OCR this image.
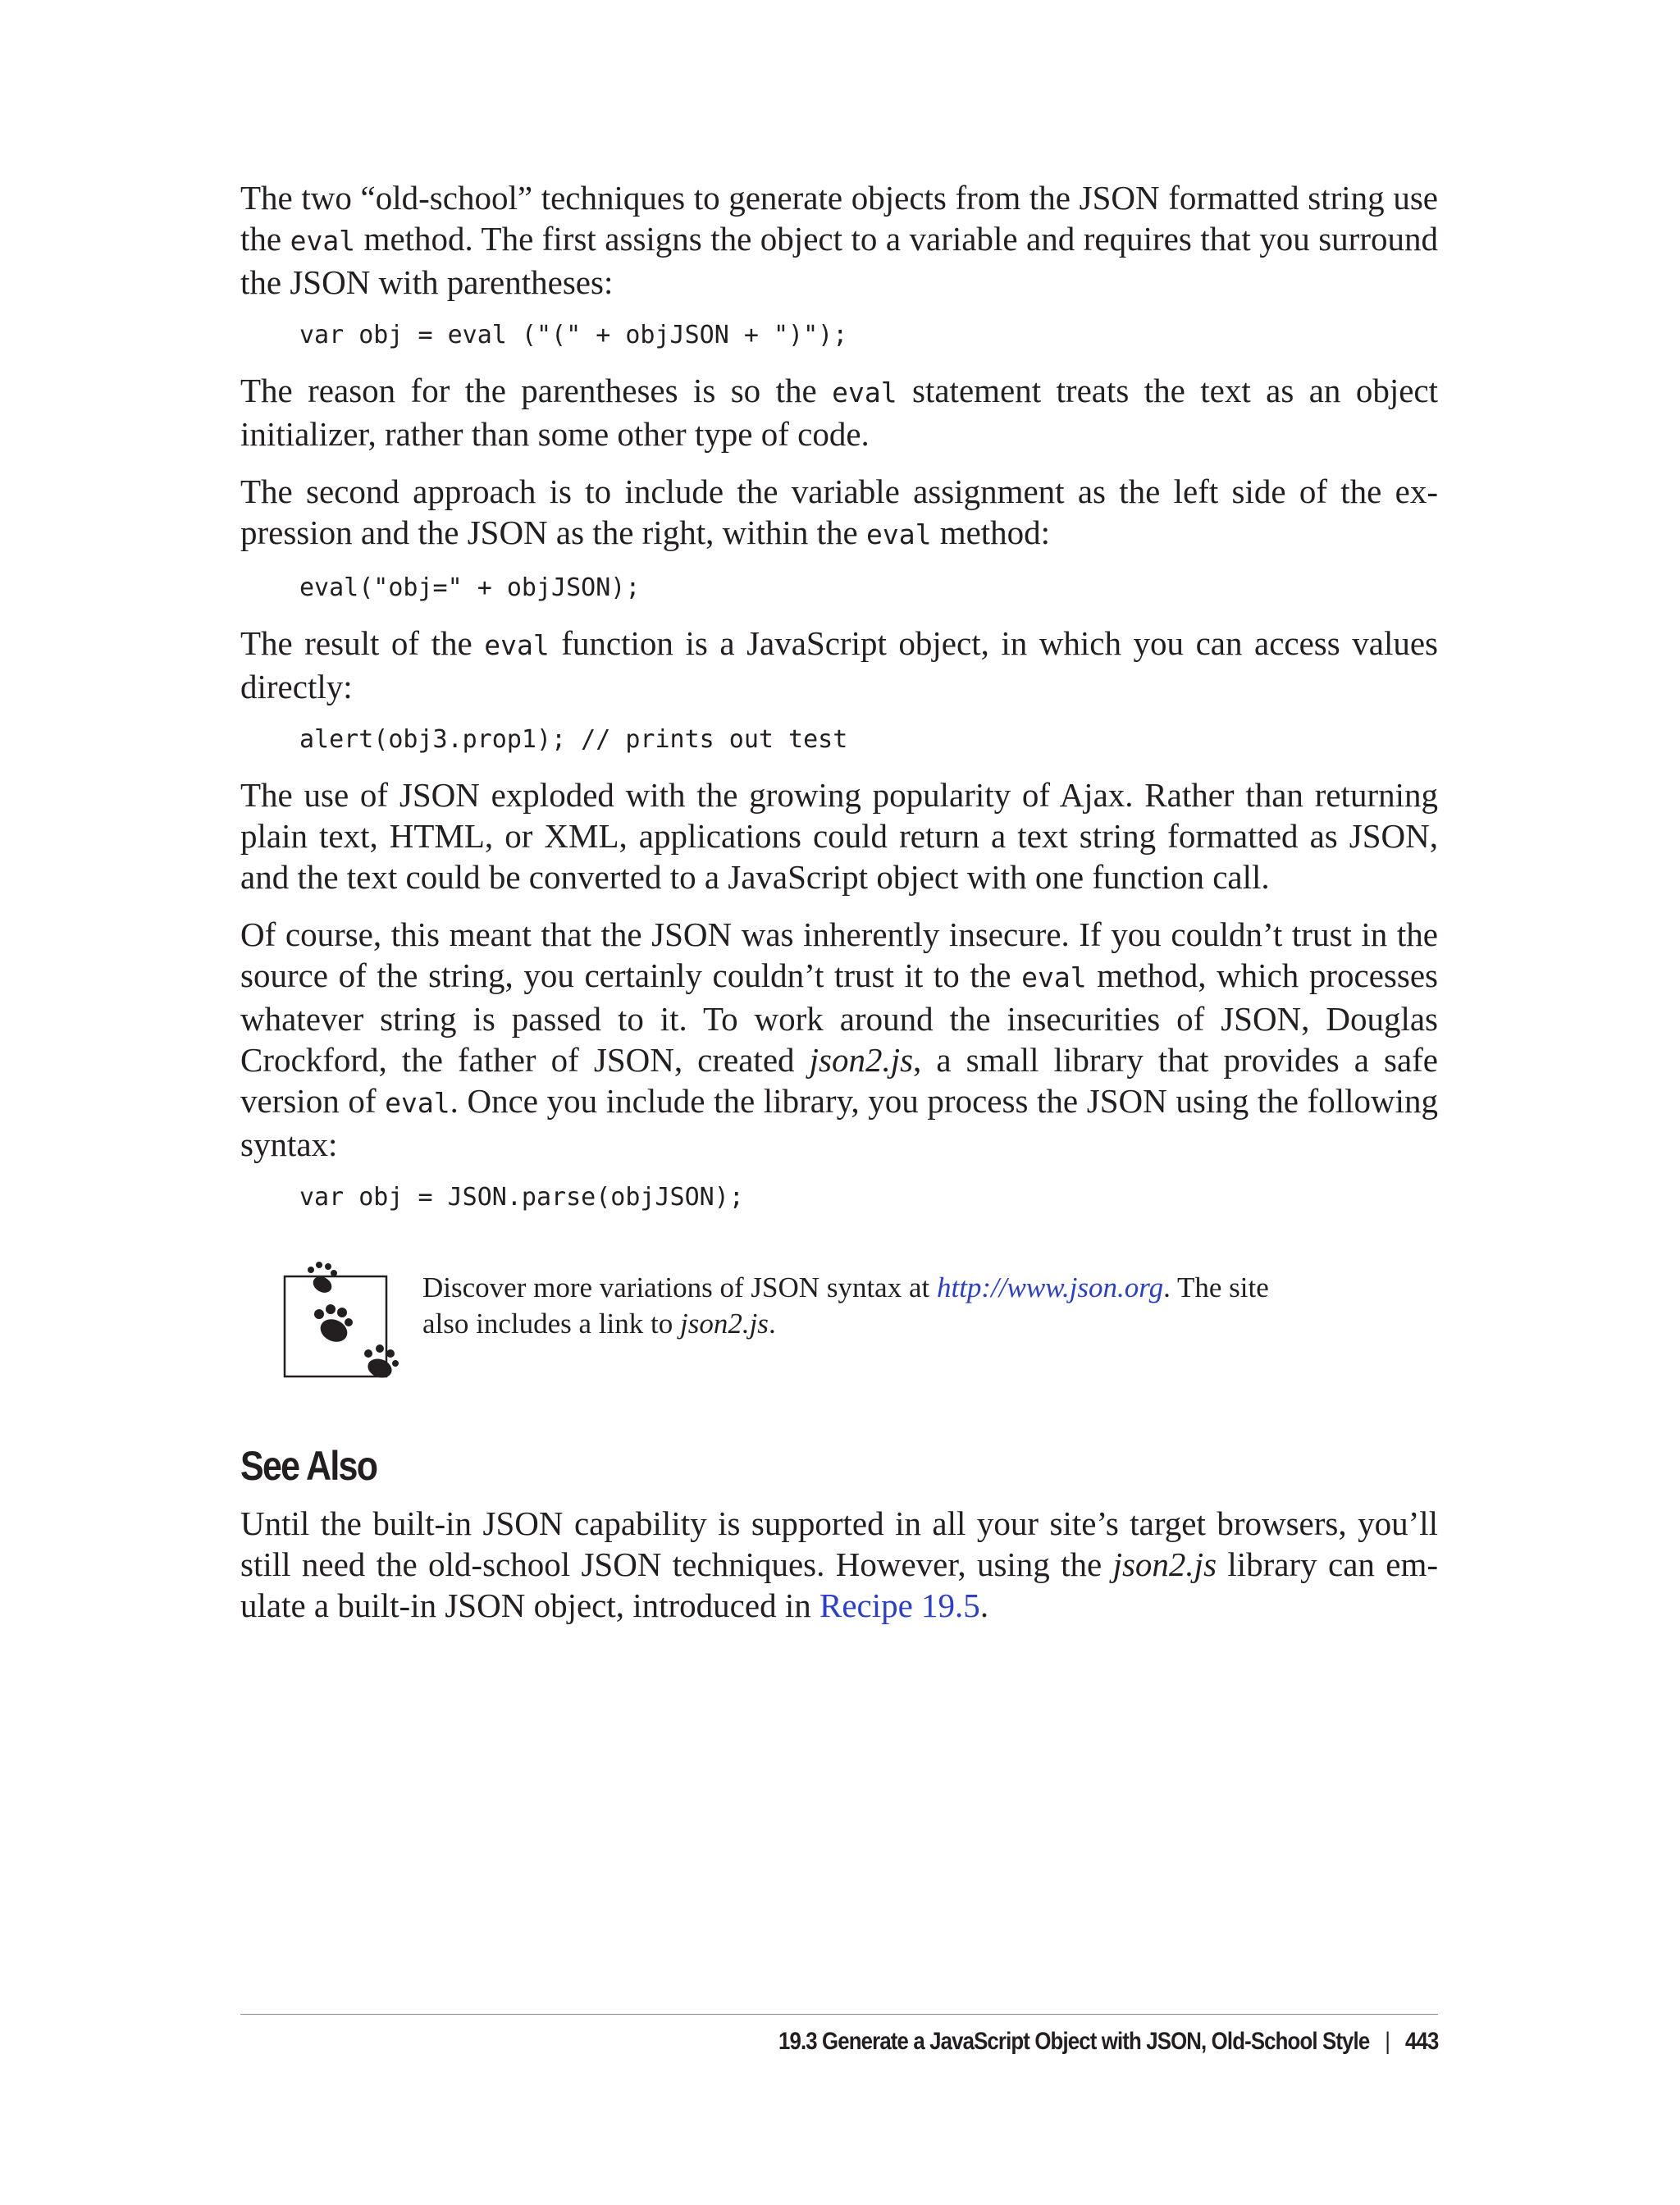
The two “old-school” techniques to generate objects from the JSON formatted string use the eval method. The first assigns the object to a variable and requires that you surround the JSON with parentheses:

var obj = eval ("(" + objJSON + ")");

The reason for the parentheses is so the eval statement treats the text as an object initializer, rather than some other type of code.

The second approach is to include the variable assignment as the left side of the expression and the JSON as the right, within the eval method:

eval("obj=" + objJSON);

The result of the eval function is a JavaScript object, in which you can access values directly:

alert(obj3.prop1); // prints out test

The use of JSON exploded with the growing popularity of Ajax. Rather than returning plain text, HTML, or XML, applications could return a text string formatted as JSON, and the text could be converted to a JavaScript object with one function call.

Of course, this meant that the JSON was inherently insecure. If you couldn’t trust in the source of the string, you certainly couldn’t trust it to the eval method, which processes whatever string is passed to it. To work around the insecurities of JSON, Douglas Crockford, the father of JSON, created json2.js, a small library that provides a safe version of eval. Once you include the library, you process the JSON using the following syntax:

var obj = JSON.parse(objJSON);
Discover more variations of JSON syntax at http://www.json.org. The site also includes a link to json2.js.
See Also

Until the built-in JSON capability is supported in all your site’s target browsers, you’ll still need the old-school JSON techniques. However, using the json2.js library can emulate a built-in JSON object, introduced in Recipe 19.5.

19.3 Generate a JavaScript Object with JSON, Old-School Style | 443
